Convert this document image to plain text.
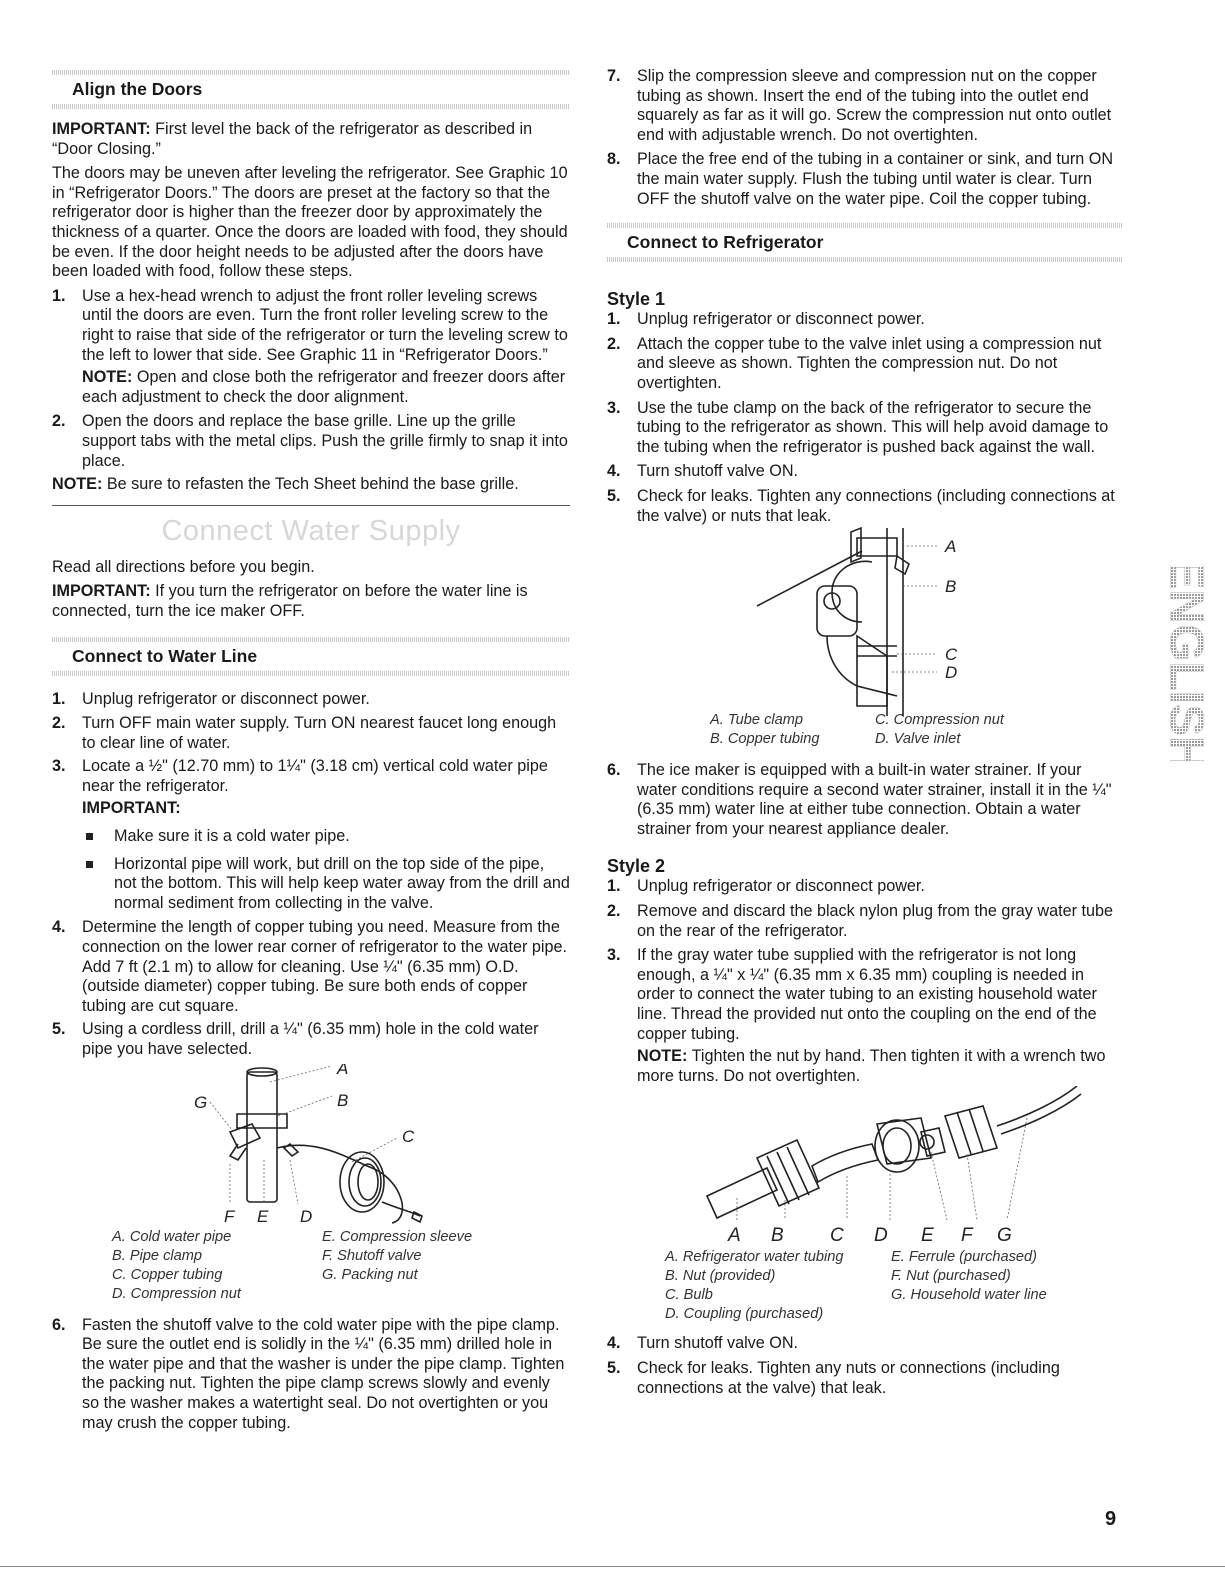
Align the Doors

IMPORTANT: First level the back of the refrigerator as described in “Door Closing.”

The doors may be uneven after leveling the refrigerator. See Graphic 10 in “Refrigerator Doors.” The doors are preset at the factory so that the refrigerator door is higher than the freezer door by approximately the thickness of a quarter. Once the doors are loaded with food, they should be even. If the door height needs to be adjusted after the doors have been loaded with food, follow these steps.

1. Use a hex-head wrench to adjust the front roller leveling screws until the doors are even. Turn the front roller leveling screw to the right to raise that side of the refrigerator or turn the leveling screw to the left to lower that side. See Graphic 11 in “Refrigerator Doors.”
NOTE: Open and close both the refrigerator and freezer doors after each adjustment to check the door alignment.
2. Open the doors and replace the base grille. Line up the grille support tabs with the metal clips. Push the grille firmly to snap it into place.

NOTE: Be sure to refasten the Tech Sheet behind the base grille.

Connect Water Supply

Read all directions before you begin.

IMPORTANT: If you turn the refrigerator on before the water line is connected, turn the ice maker OFF.

Connect to Water Line
1. Unplug refrigerator or disconnect power.
2. Turn OFF main water supply. Turn ON nearest faucet long enough to clear line of water.
3. Locate a ½" (12.70 mm) to 1¼" (3.18 cm) vertical cold water pipe near the refrigerator.
IMPORTANT:
Make sure it is a cold water pipe.
Horizontal pipe will work, but drill on the top side of the pipe, not the bottom. This will help keep water away from the drill and normal sediment from collecting in the valve.
4. Determine the length of copper tubing you need. Measure from the connection on the lower rear corner of refrigerator to the water pipe. Add 7 ft (2.1 m) to allow for cleaning. Use ¼" (6.35 mm) O.D. (outside diameter) copper tubing. Be sure both ends of copper tubing are cut square.
5. Using a cordless drill, drill a ¼" (6.35 mm) hole in the cold water pipe you have selected.
A
B
C
D
E
F
G
A. Cold water pipe	E. Compression sleeve
B. Pipe clamp	F. Shutoff valve
C. Copper tubing	G. Packing nut
D. Compression nut
6. Fasten the shutoff valve to the cold water pipe with the pipe clamp. Be sure the outlet end is solidly in the ¼" (6.35 mm) drilled hole in the water pipe and that the washer is under the pipe clamp. Tighten the packing nut. Tighten the pipe clamp screws slowly and evenly so the washer makes a watertight seal. Do not overtighten or you may crush the copper tubing.
7. Slip the compression sleeve and compression nut on the copper tubing as shown. Insert the end of the tubing into the outlet end squarely as far as it will go. Screw the compression nut onto outlet end with adjustable wrench. Do not overtighten.
8. Place the free end of the tubing in a container or sink, and turn ON the main water supply. Flush the tubing until water is clear. Turn OFF the shutoff valve on the water pipe. Coil the copper tubing.
Connect to Refrigerator
Style 1
1. Unplug refrigerator or disconnect power.
2. Attach the copper tube to the valve inlet using a compression nut and sleeve as shown. Tighten the compression nut. Do not overtighten.
3. Use the tube clamp on the back of the refrigerator to secure the tubing to the refrigerator as shown. This will help avoid damage to the tubing when the refrigerator is pushed back against the wall.
4. Turn shutoff valve ON.
5. Check for leaks. Tighten any connections (including connections at the valve) or nuts that leak.
A
B
C
D
A. Tube clamp	C. Compression nut
B. Copper tubing	D. Valve inlet
6. The ice maker is equipped with a built-in water strainer. If your water conditions require a second water strainer, install it in the ¼" (6.35 mm) water line at either tube connection. Obtain a water strainer from your nearest appliance dealer.
Style 2
1. Unplug refrigerator or disconnect power.
2. Remove and discard the black nylon plug from the gray water tube on the rear of the refrigerator.
3. If the gray water tube supplied with the refrigerator is not long enough, a ¼" x ¼" (6.35 mm x 6.35 mm) coupling is needed in order to connect the water tubing to an existing household water line. Thread the provided nut onto the coupling on the end of the copper tubing.
NOTE: Tighten the nut by hand. Then tighten it with a wrench two more turns. Do not overtighten.
A B C D E F G
A. Refrigerator water tubing	E. Ferrule (purchased)
B. Nut (provided)	F. Nut (purchased)
C. Bulb	G. Household water line
D. Coupling (purchased)
4. Turn shutoff valve ON.
5. Check for leaks. Tighten any nuts or connections (including connections at the valve) that leak.
ENGLISH
9
